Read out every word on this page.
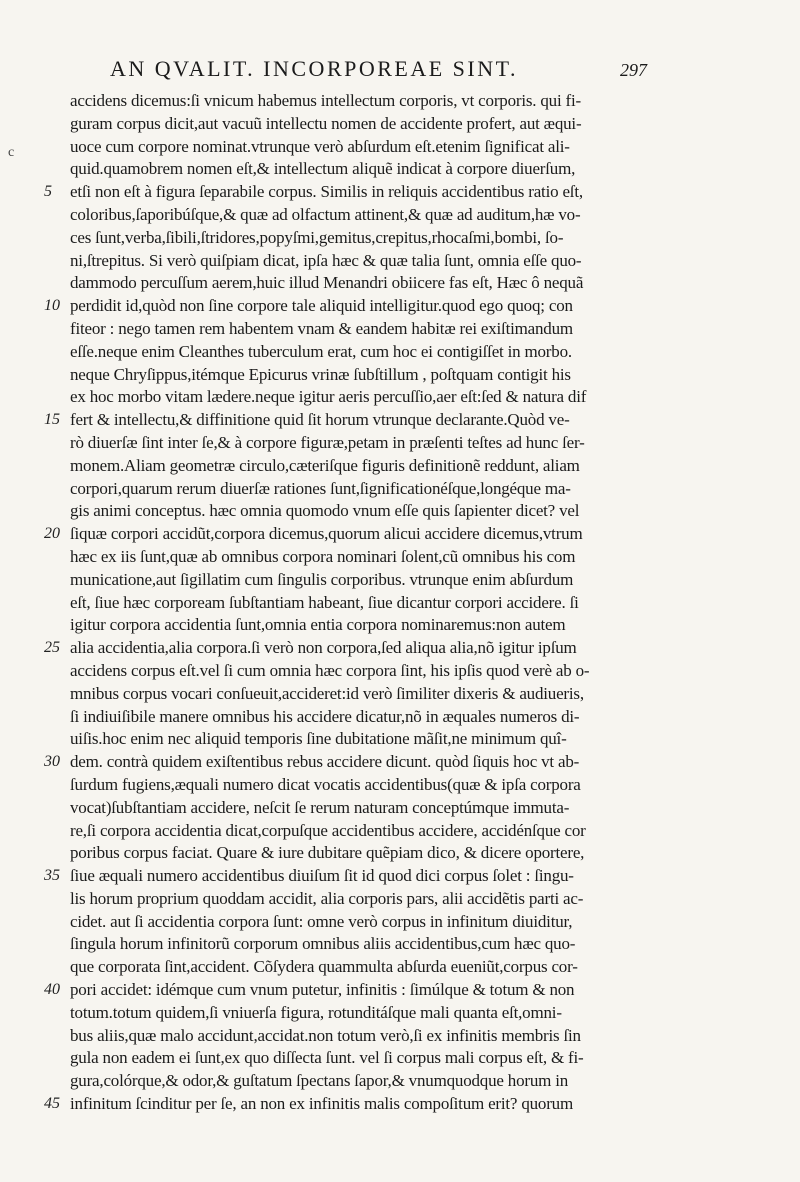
AN QVALIT. INCORPOREAE SINT.	297
c
5
10
15
20
25
30
35
40
45
accidens dicemus:ſi vnicum habemus intellectum corporis, vt corporis. qui fi-
guram corpus dicit,aut vacuũ intellectu nomen de accidente profert, aut æqui-
uoce cum corpore nominat.vtrunque verò abſurdum eſt.etenim ſignificat ali-
quid.quamobrem nomen eſt,& intellectum aliquẽ indicat à corpore diuerſum,
etſi non eſt à figura ſeparabile corpus. Similis in reliquis accidentibus ratio eſt,
coloribus,ſaporibúſque,& quæ ad olfactum attinent,& quæ ad auditum,hæ vo-
ces ſunt,verba,ſibili,ſtridores,popyſmi,gemitus,crepitus,rhocaſmi,bombi, ſo-
ni,ſtrepitus. Si verò quiſpiam dicat, ipſa hæc & quæ talia ſunt, omnia eſſe quo-
dammodo percuſſum aerem,huic illud Menandri obiicere fas eſt, Hæc ô nequã
perdidit id,quòd non ſine corpore tale aliquid intelligitur.quod ego quoq; con
fiteor : nego tamen rem habentem vnam & eandem habitæ rei exiſtimandum
eſſe.neque enim Cleanthes tuberculum erat, cum hoc ei contigiſſet in morbo.
neque Chryſippus,itémque Epicurus vrinæ ſubſtillum , poſtquam contigit his
ex hoc morbo vitam lædere.neque igitur aeris percuſſio,aer eſt:ſed & natura dif
fert & intellectu,& diffinitione quid ſit horum vtrunque declarante.Quòd ve-
rò diuerſæ ſint inter ſe,& à corpore figuræ,petam in præſenti teſtes ad hunc ſer-
monem.Aliam geometræ circulo,cæteriſque figuris definitionẽ reddunt, aliam
corpori,quarum rerum diuerſæ rationes ſunt,ſignificationéſque,longéque ma-
gis animi conceptus. hæc omnia quomodo vnum eſſe quis ſapienter dicet? vel
ſiquæ corpori accidũt,corpora dicemus,quorum alicui accidere dicemus,vtrum
hæc ex iis ſunt,quæ ab omnibus corpora nominari ſolent,cũ omnibus his com
municatione,aut ſigillatim cum ſingulis corporibus. vtrunque enim abſurdum
eſt, ſiue hæc corpoream ſubſtantiam habeant, ſiue dicantur corpori accidere. ſi
igitur corpora accidentia ſunt,omnia entia corpora nominaremus:non autem
alia accidentia,alia corpora.ſi verò non corpora,ſed aliqua alia,nõ igitur ipſum
accidens corpus eſt.vel ſi cum omnia hæc corpora ſint, his ipſis quod verè ab o-
mnibus corpus vocari conſueuit,accideret:id verò ſimiliter dixeris & audiueris,
ſi indiuiſibile manere omnibus his accidere dicatur,nõ in æquales numeros di-
uiſis.hoc enim nec aliquid temporis ſine dubitatione mãſit,ne minimum quî-
dem. contrà quidem exiſtentibus rebus accidere dicunt. quòd ſiquis hoc vt ab-
ſurdum fugiens,æquali numero dicat vocatis accidentibus(quæ & ipſa corpora
vocat)ſubſtantiam accidere, neſcit ſe rerum naturam conceptúmque immuta-
re,ſi corpora accidentia dicat,corpuſque accidentibus accidere, accidénſque cor
poribus corpus faciat. Quare & iure dubitare quẽpiam dico, & dicere oportere,
ſiue æquali numero accidentibus diuiſum ſit id quod dici corpus ſolet : ſingu-
lis horum proprium quoddam accidit, alia corporis pars, alii accidẽtis parti ac-
cidet. aut ſi accidentia corpora ſunt: omne verò corpus in infinitum diuiditur,
ſingula horum infinitorũ corporum omnibus aliis accidentibus,cum hæc quo-
que corporata ſint,accident. Cõſydera quammulta abſurda eueniũt,corpus cor-
pori accidet: idémque cum vnum putetur, infinitis : ſimúlque & totum & non
totum.totum quidem,ſi vniuerſa figura, rotunditáſque mali quanta eſt,omni-
bus aliis,quæ malo accidunt,accidat.non totum verò,ſi ex infinitis membris ſin
gula non eadem ei ſunt,ex quo diſſecta ſunt. vel ſi corpus mali corpus eſt, & fi-
gura,colórque,& odor,& guſtatum ſpectans ſapor,& vnumquodque horum in
infinitum ſcinditur per ſe, an non ex infinitis malis compoſitum erit? quorum
